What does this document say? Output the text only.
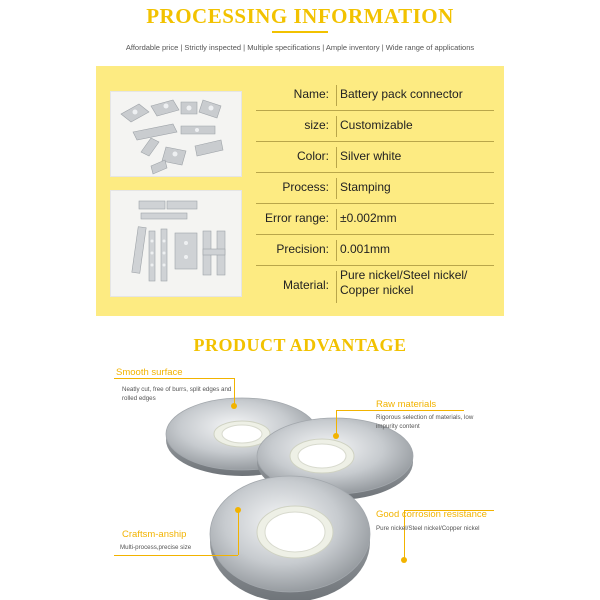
PROCESSING INFORMATION
Affordable price | Strictly inspected | Multiple specifications | Ample inventory | Wide range of applications
Name: Battery pack connector
size: Customizable
Color: Silver white
Process: Stamping
Error range: ±0.002mm
Precision: 0.001mm
Material:
Pure nickel/Steel nickel/ Copper nickel
PRODUCT ADVANTAGE
Smooth surface
Neatly cut, free of burrs, split edges and rolled edges
Raw materials
Rigorous selection of materials, low impurity content
Craftsm-anship
Multi-process,precise size
Good corrosion resistance
Pure nickel/Steel nickel/Copper nickel
